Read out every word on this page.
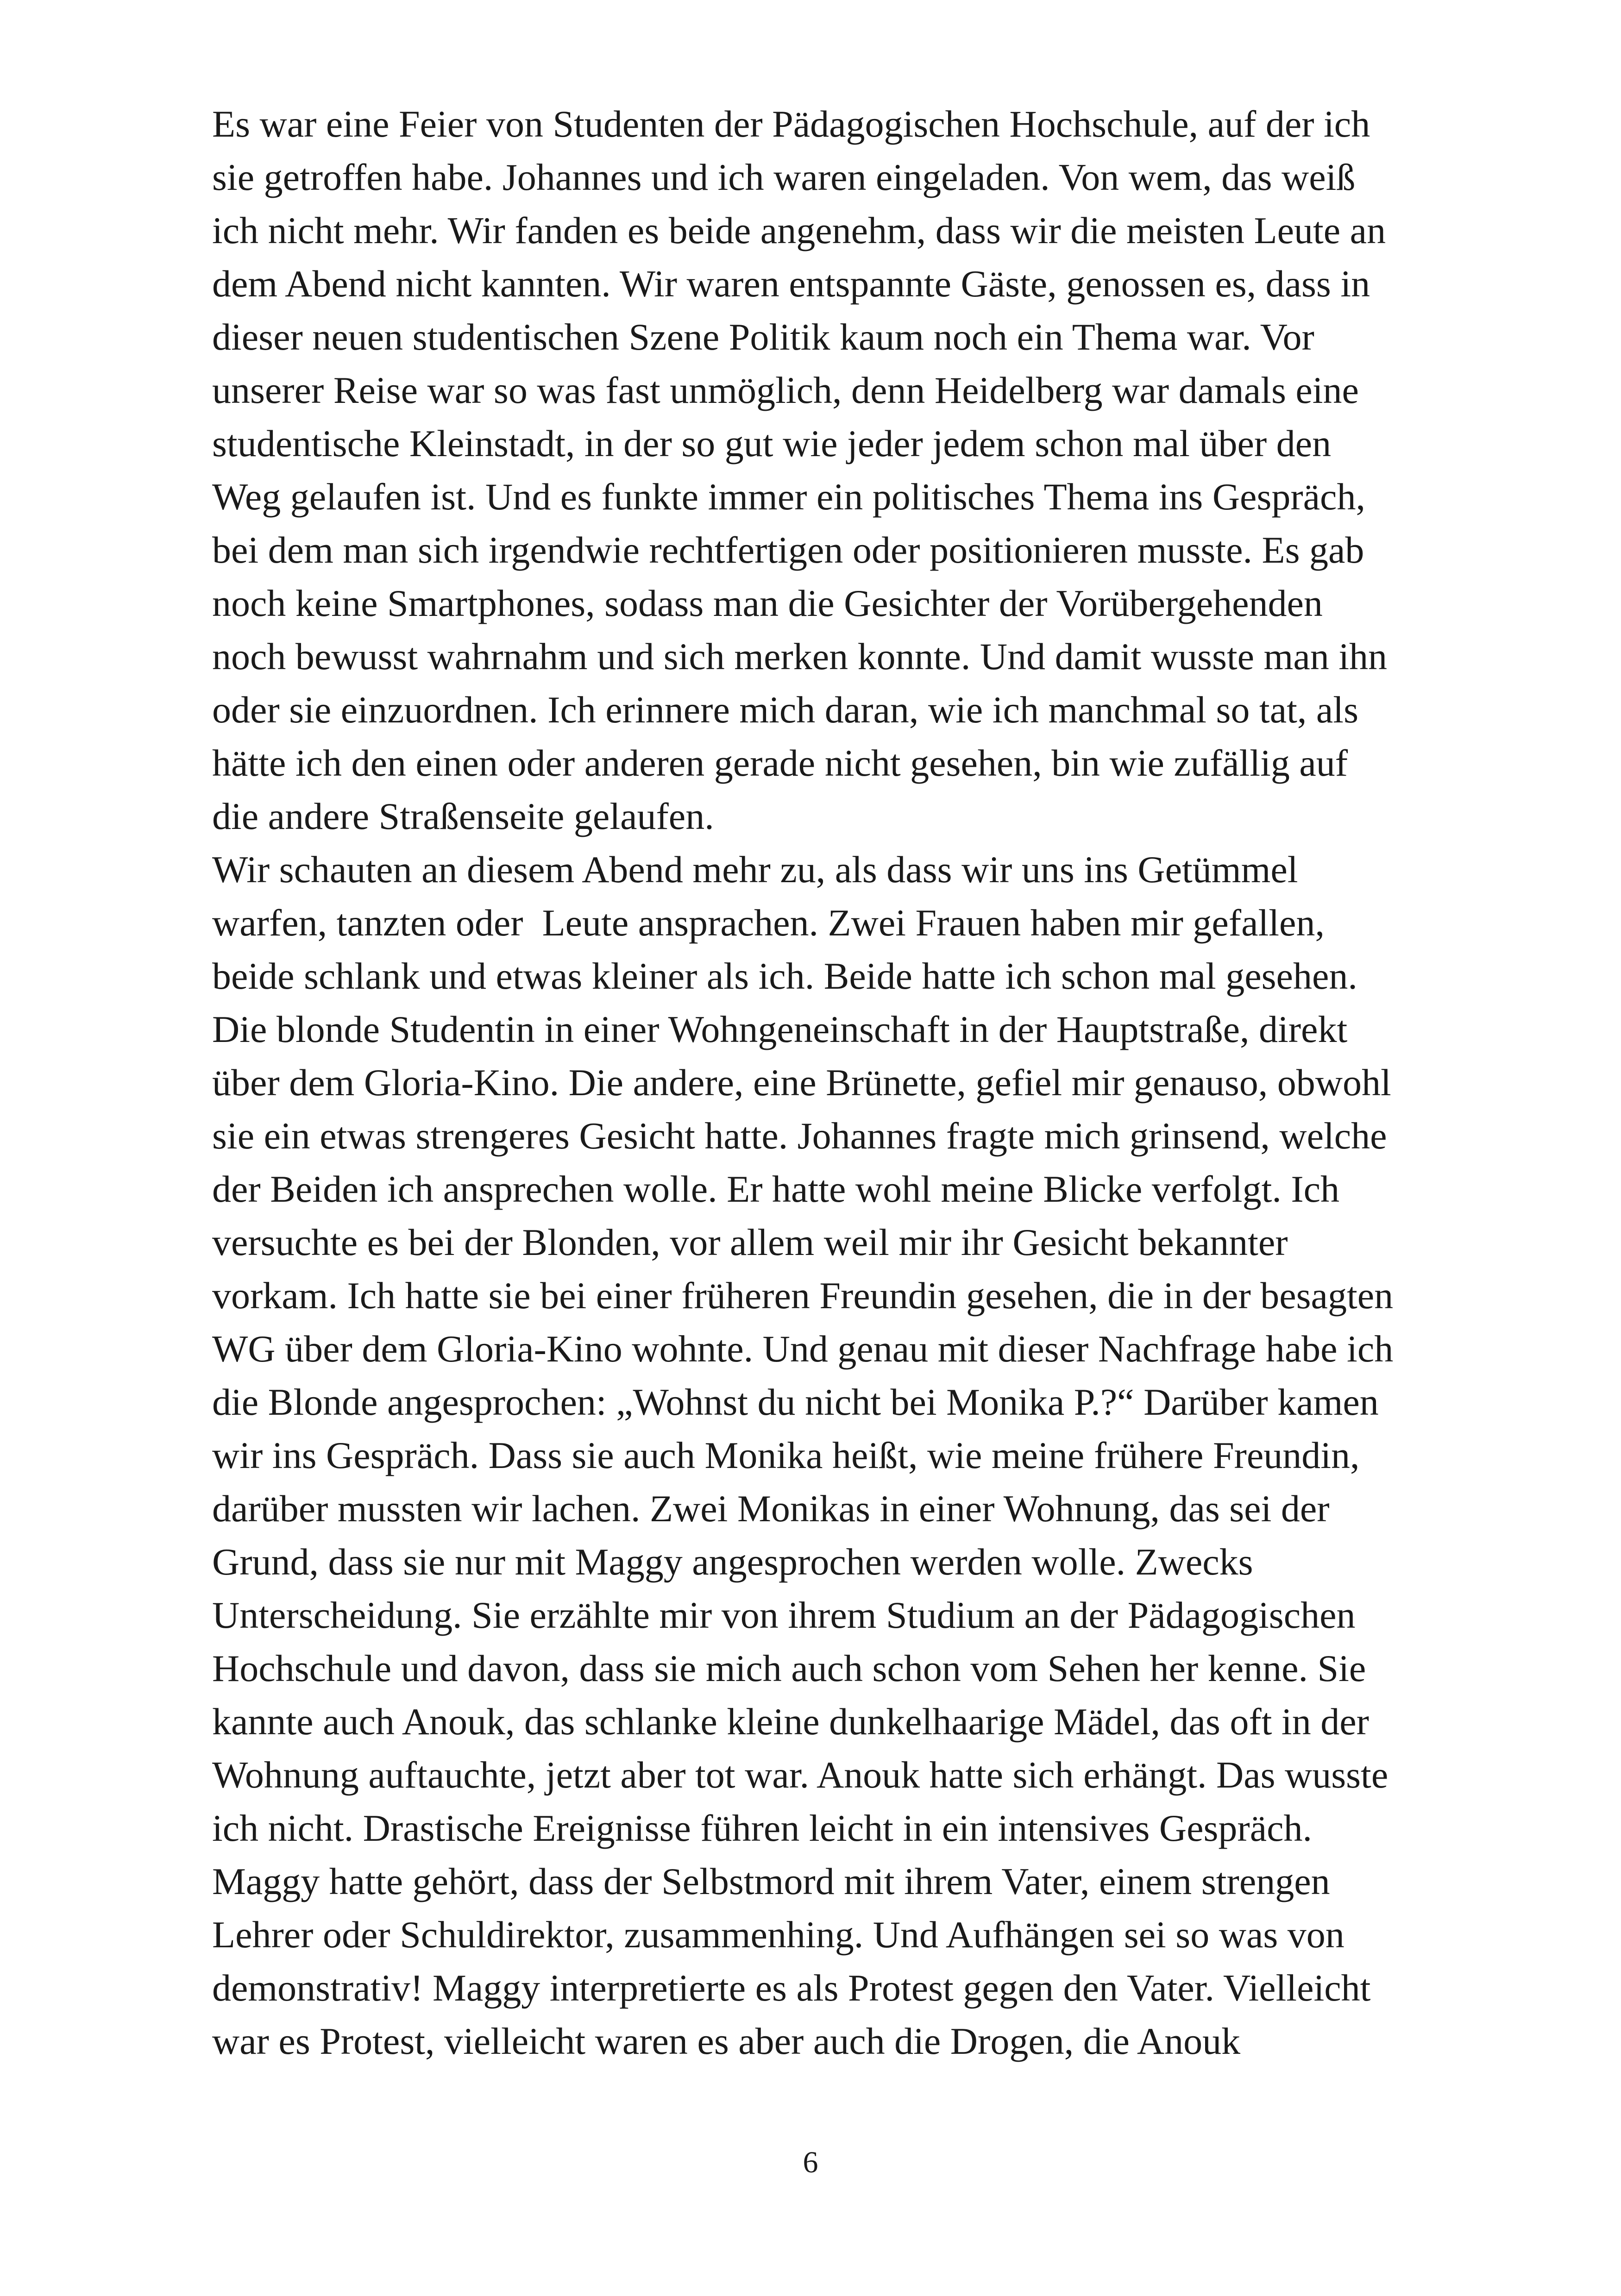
Es war eine Feier von Studenten der Pädagogischen Hochschule, auf der ich
sie getroffen habe. Johannes und ich waren eingeladen. Von wem, das weiß
ich nicht mehr. Wir fanden es beide angenehm, dass wir die meisten Leute an
dem Abend nicht kannten. Wir waren entspannte Gäste, genossen es, dass in
dieser neuen studentischen Szene Politik kaum noch ein Thema war. Vor
unserer Reise war so was fast unmöglich, denn Heidelberg war damals eine
studentische Kleinstadt, in der so gut wie jeder jedem schon mal über den
Weg gelaufen ist. Und es funkte immer ein politisches Thema ins Gespräch,
bei dem man sich irgendwie rechtfertigen oder positionieren musste. Es gab
noch keine Smartphones, sodass man die Gesichter der Vorübergehenden
noch bewusst wahrnahm und sich merken konnte. Und damit wusste man ihn
oder sie einzuordnen. Ich erinnere mich daran, wie ich manchmal so tat, als
hätte ich den einen oder anderen gerade nicht gesehen, bin wie zufällig auf
die andere Straßenseite gelaufen.
Wir schauten an diesem Abend mehr zu, als dass wir uns ins Getümmel
warfen, tanzten oder  Leute ansprachen. Zwei Frauen haben mir gefallen,
beide schlank und etwas kleiner als ich. Beide hatte ich schon mal gesehen.
Die blonde Studentin in einer Wohngeneinschaft in der Hauptstraße, direkt
über dem Gloria-Kino. Die andere, eine Brünette, gefiel mir genauso, obwohl
sie ein etwas strengeres Gesicht hatte. Johannes fragte mich grinsend, welche
der Beiden ich ansprechen wolle. Er hatte wohl meine Blicke verfolgt. Ich
versuchte es bei der Blonden, vor allem weil mir ihr Gesicht bekannter
vorkam. Ich hatte sie bei einer früheren Freundin gesehen, die in der besagten
WG über dem Gloria-Kino wohnte. Und genau mit dieser Nachfrage habe ich
die Blonde angesprochen: „Wohnst du nicht bei Monika P.?“ Darüber kamen
wir ins Gespräch. Dass sie auch Monika heißt, wie meine frühere Freundin,
darüber mussten wir lachen. Zwei Monikas in einer Wohnung, das sei der
Grund, dass sie nur mit Maggy angesprochen werden wolle. Zwecks
Unterscheidung. Sie erzählte mir von ihrem Studium an der Pädagogischen
Hochschule und davon, dass sie mich auch schon vom Sehen her kenne. Sie
kannte auch Anouk, das schlanke kleine dunkelhaarige Mädel, das oft in der
Wohnung auftauchte, jetzt aber tot war. Anouk hatte sich erhängt. Das wusste
ich nicht. Drastische Ereignisse führen leicht in ein intensives Gespräch.
Maggy hatte gehört, dass der Selbstmord mit ihrem Vater, einem strengen
Lehrer oder Schuldirektor, zusammenhing. Und Aufhängen sei so was von
demonstrativ! Maggy interpretierte es als Protest gegen den Vater. Vielleicht
war es Protest, vielleicht waren es aber auch die Drogen, die Anouk
6
